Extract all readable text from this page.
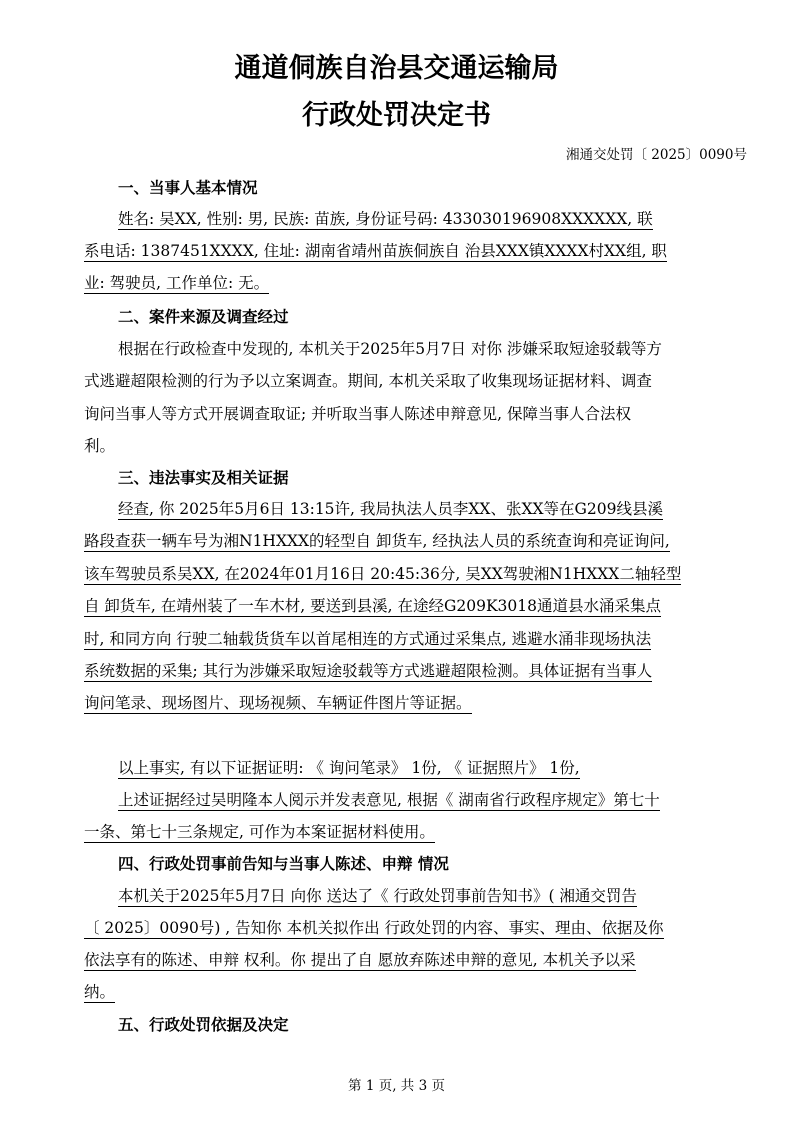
通道侗族自治县交通运输局
行政处罚决定书
湘通交处罚〔 2025〕0090号
一、当事人基本情况
姓名: 吴XX, 性别: 男, 民族: 苗族, 身份证号码: 433030196908XXXXXX, 联
系电话: 1387451XXXX, 住址: 湖南省靖州苗族侗族自 治县XXX镇XXXX村XX组, 职
业: 驾驶员, 工作单位: 无。
二、案件来源及调查经过
根据在行政检查中发现的, 本机关于2025年5月7日 对你 涉嫌采取短途驳载等方
式逃避超限检测的行为予以立案调查。期间, 本机关采取了收集现场证据材料、调查
询问当事人等方式开展调查取证; 并听取当事人陈述申辩意见, 保障当事人合法权
利。
三、违法事实及相关证据
经查, 你 2025年5月6日 13:15许, 我局执法人员李XX、张XX等在G209线县溪
路段查获一辆车号为湘N1HXXX的轻型自 卸货车, 经执法人员的系统查询和亮证询问,
该车驾驶员系吴XX, 在2024年01月16日 20:45:36分, 吴XX驾驶湘N1HXXX二轴轻型
自 卸货车, 在靖州装了一车木材, 要送到县溪, 在途经G209K3018通道县水涌采集点
时, 和同方向 行驶二轴载货货车以首尾相连的方式通过采集点, 逃避水涌非现场执法
系统数据的采集; 其行为涉嫌采取短途驳载等方式逃避超限检测。具体证据有当事人
询问笔录、现场图片、现场视频、车辆证件图片等证据。
以上事实, 有以下证据证明: 《 询问笔录》 1份, 《 证据照片》 1份,
上述证据经过吴明隆本人阅示并发表意见, 根据《 湖南省行政程序规定》第七十
一条、第七十三条规定, 可作为本案证据材料使用。
四、行政处罚事前告知与当事人陈述、申辩 情况
本机关于2025年5月7日 向你 送达了《 行政处罚事前告知书》( 湘通交罚告
〔 2025〕0090号) , 告知你 本机关拟作出 行政处罚的内容、事实、理由、依据及你
依法享有的陈述、申辩 权利。你 提出了自 愿放弃陈述申辩的意见, 本机关予以采
纳。
五、行政处罚依据及决定
第 1 页, 共 3 页
